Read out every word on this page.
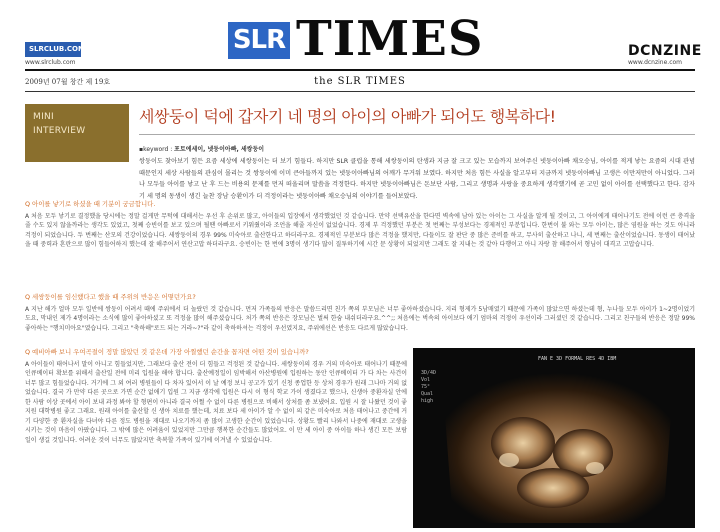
SLRCLUB.COM
www.slrclub.com
SLR TIMES	DCNZINE
www.dcnzine.com
2009년 07월 창간 제 19호	the SLR TIMES
MINI
INTERVIEW
세쌍둥이 덕에 갑자기 네 명의 아이의 아빠가 되어도 행복하다!
▪keyword : 포토에세이, 넷둥이아빠, 세쌍둥이
쌍둥이도 찾아보기 힘든 요즘 세상에 세쌍둥이는 더 보기 힘들다. 하지만 SLR 클럽을 통해 세쌍둥이의 탄생과 지금 잘 크고 있는 모습까지 보여주신 넷둥이아빠 채오승님, 아이를 적게 낳는 요즘의 시대 관념 때문인지 세상 사람들의 관심이 몰리는 것 쌍둥이에 이미 큰아들까지 있는 넷둥이아빠님의 어깨가 무거워 보였다. 하지만 처음 힘든 사실을 알고부터 지금까지 넷둥이아빠님 고생은 이만저만이 아니었다. 그러나 모두들 아이를 낳고 난 후 드는 비용의 문제를 먼저 떠올리며 말씀을 걱정한다. 하지만 넷둥이아빠님은 돈보단 사람, 그리고 생명과 사랑을 중요하게 생각했기에 곧 고민 없이 아이를 선택했다고 한다. 감자기 세 명의 동생이 생긴 늘찬 장남 승환이가 더 걱정이라는 넷둥이아빠 채오승님의 이야기를 들어보았다.
Q 아이를 낳기로 하셨을 때 기분이 궁금합니다.
A 처음 모두 낳기로 결정했을 당시에는 정말 걸게만 무턱에 대해서는 우선 후 손위로 많고, 아이들의 입장에서 생각했었던 것 같습니다. 만약 선택유산을 한다면 벽속에 남아 있는 아이는 그 사실을 알게 될 것이고, 그 아이에게 태어나기도 전에 이런 큰 충격을 줄 수도 있지 않을까라는 생각도 있었고, 첫째 승빈이를 보고 있으며 될땐 아빠로서 키워줬이라 조언을 해줄 자신이 없었습니다. 경제 부 걱정했던 부분은 첫 번째는 부성보다는 경제적인 부분입니다. 한번이 불 와는 모두 아이는, 많은 염원을 하는 것도 아니라 걱정이 되었습니다. 두 번째는 산모의 건강이었습니다. 세쌍둥이의 경우 99% 미숙아로 출산한다고 하더라구요. 경제적인 부분보다 많은 걱정을 했지만, 다들이도 잘 판단 중 많은 준비를 하고, 무사히 출산하고 나니, 세 번째는 출산이었습니다. 동생이 태어났을 때 중력과 혼란으로 많이 힘들어하지 했는데 잘 해주어서 연산고맙 하더라구요. 승빈이는 한 번에 3명이 생기다 많이 질투하기에 시간 문 상황이 되었지만 그래도 잘 지내는 것 같아 다행이고 아니 자랑 참 해주어서 형님이 대격고 고맙습니다.
Q 세쌍둥이를 임신했다고 했을 때 주위의 반응은 어떻던가요?
A 지난 해가 얼마 모두 일반에 쌍둥이 어려서 때에 주위에서 더 놀랐던 것 같습니다. 먼저 가족들의 반응은 말씀드리면 친가 쪽의 부모님은 너무 좋아하셨습니다. 지리 형제가 5남매였기 때문에 가족이 많았으면 하셨는데 형, 누나들 모두 아이가 1~2명이었기도요, 막내인 제가 4명이라는 소식에 많이 좋아하셨고 또 걱정을 많이 해주셨습니다. 처가 쪽의 반응은 장모님은 벌써 한숨 내쉬더라구요.^^;; 처음에는 벅속의 아이보다 애기 엄마의 걱정이 우선이라 그러셨던 것 같습니다. 그리고 친구들의 반응은 정말 99% 좋아하는 "행치미아요"였습니다. 그리고 "축하해"로드 되는 거라~?"라 같이 축하하셔는 걱정이 우선였지요, 주위에선은 반응도 다르게 많았습니다.
Q 예비아빠 보니 우여곡절이 정말 많았던 것 같은데 가장 아찔했던 순간을 꼽자면 어떤 것이 있습니까?
A 아이들이 태어나서 말이 아니고 힘들었지만, 그래보다 출산 전이 더 힘들고 걱정된 것 같습니다. 세쌍둥이의 경우 거의 미숙아로 태어나기 때문에 인큐베이터 확보를 위해서 출산일 전에 미리 입원을 해야 합니다. 출산예정일이 임박해서 아산병원에 입원하는 동안 인큐베이터 가 다 차는 사건이 너무 많고 힘들었습니다. 거기에 그 외 여러 병원들이 다 차자 있어서 이 날 예정 보니 공고가 있기 신청 종업한 등 상처 경우가 원래 그나마 거의 없었습니다. 결국 가 만약 다른 곳으로 가면 순간 없애기 입원 그 지금 생각에 입원은 다시 이 형식 학교 가이 생겼다고 했으나, 신생아 중환자실 안에 한 사람 이상 곳에서 아이 보내 과정 봐야 할 형편이 아니라 결국 어쩔 수 없이 다른 병원으로 비해서 상처를 좀 보냈어요. 입원 시 잘 나왔던 것이 좋 지원 대학병원 좋고 그래요. 원래 아이를 출산할 신 생아 치료를 했는데, 치료 보다 세 아이가 알 수 없이 의 같은 미숙아로 처음 태어나고 중간에 거기 다양한 중 환자실을 다녀야 다른 정도 병원을 재대로 나오기까지 좀 많이 고생한 순간이 있었습니다. 상황도 빨리 나와서 나중에 재대로 고생을 시키는 것이 마음이 아팠습니다. 그 밖에 많은 어려움이 있었지만 그만큼 행복한 순간들도 많았어요. 이 만 세 아이 중 아이들 하나 생긴 모든 보람 일이 생길 것입니다. 어려운 것이 너무도 많았지만 축복할 가족이 있기에 이겨낼 수 있었습니다.
FAN E 3D FORMAL RES 4D IBM
3D/4D
Vol
75°
Qual
high
